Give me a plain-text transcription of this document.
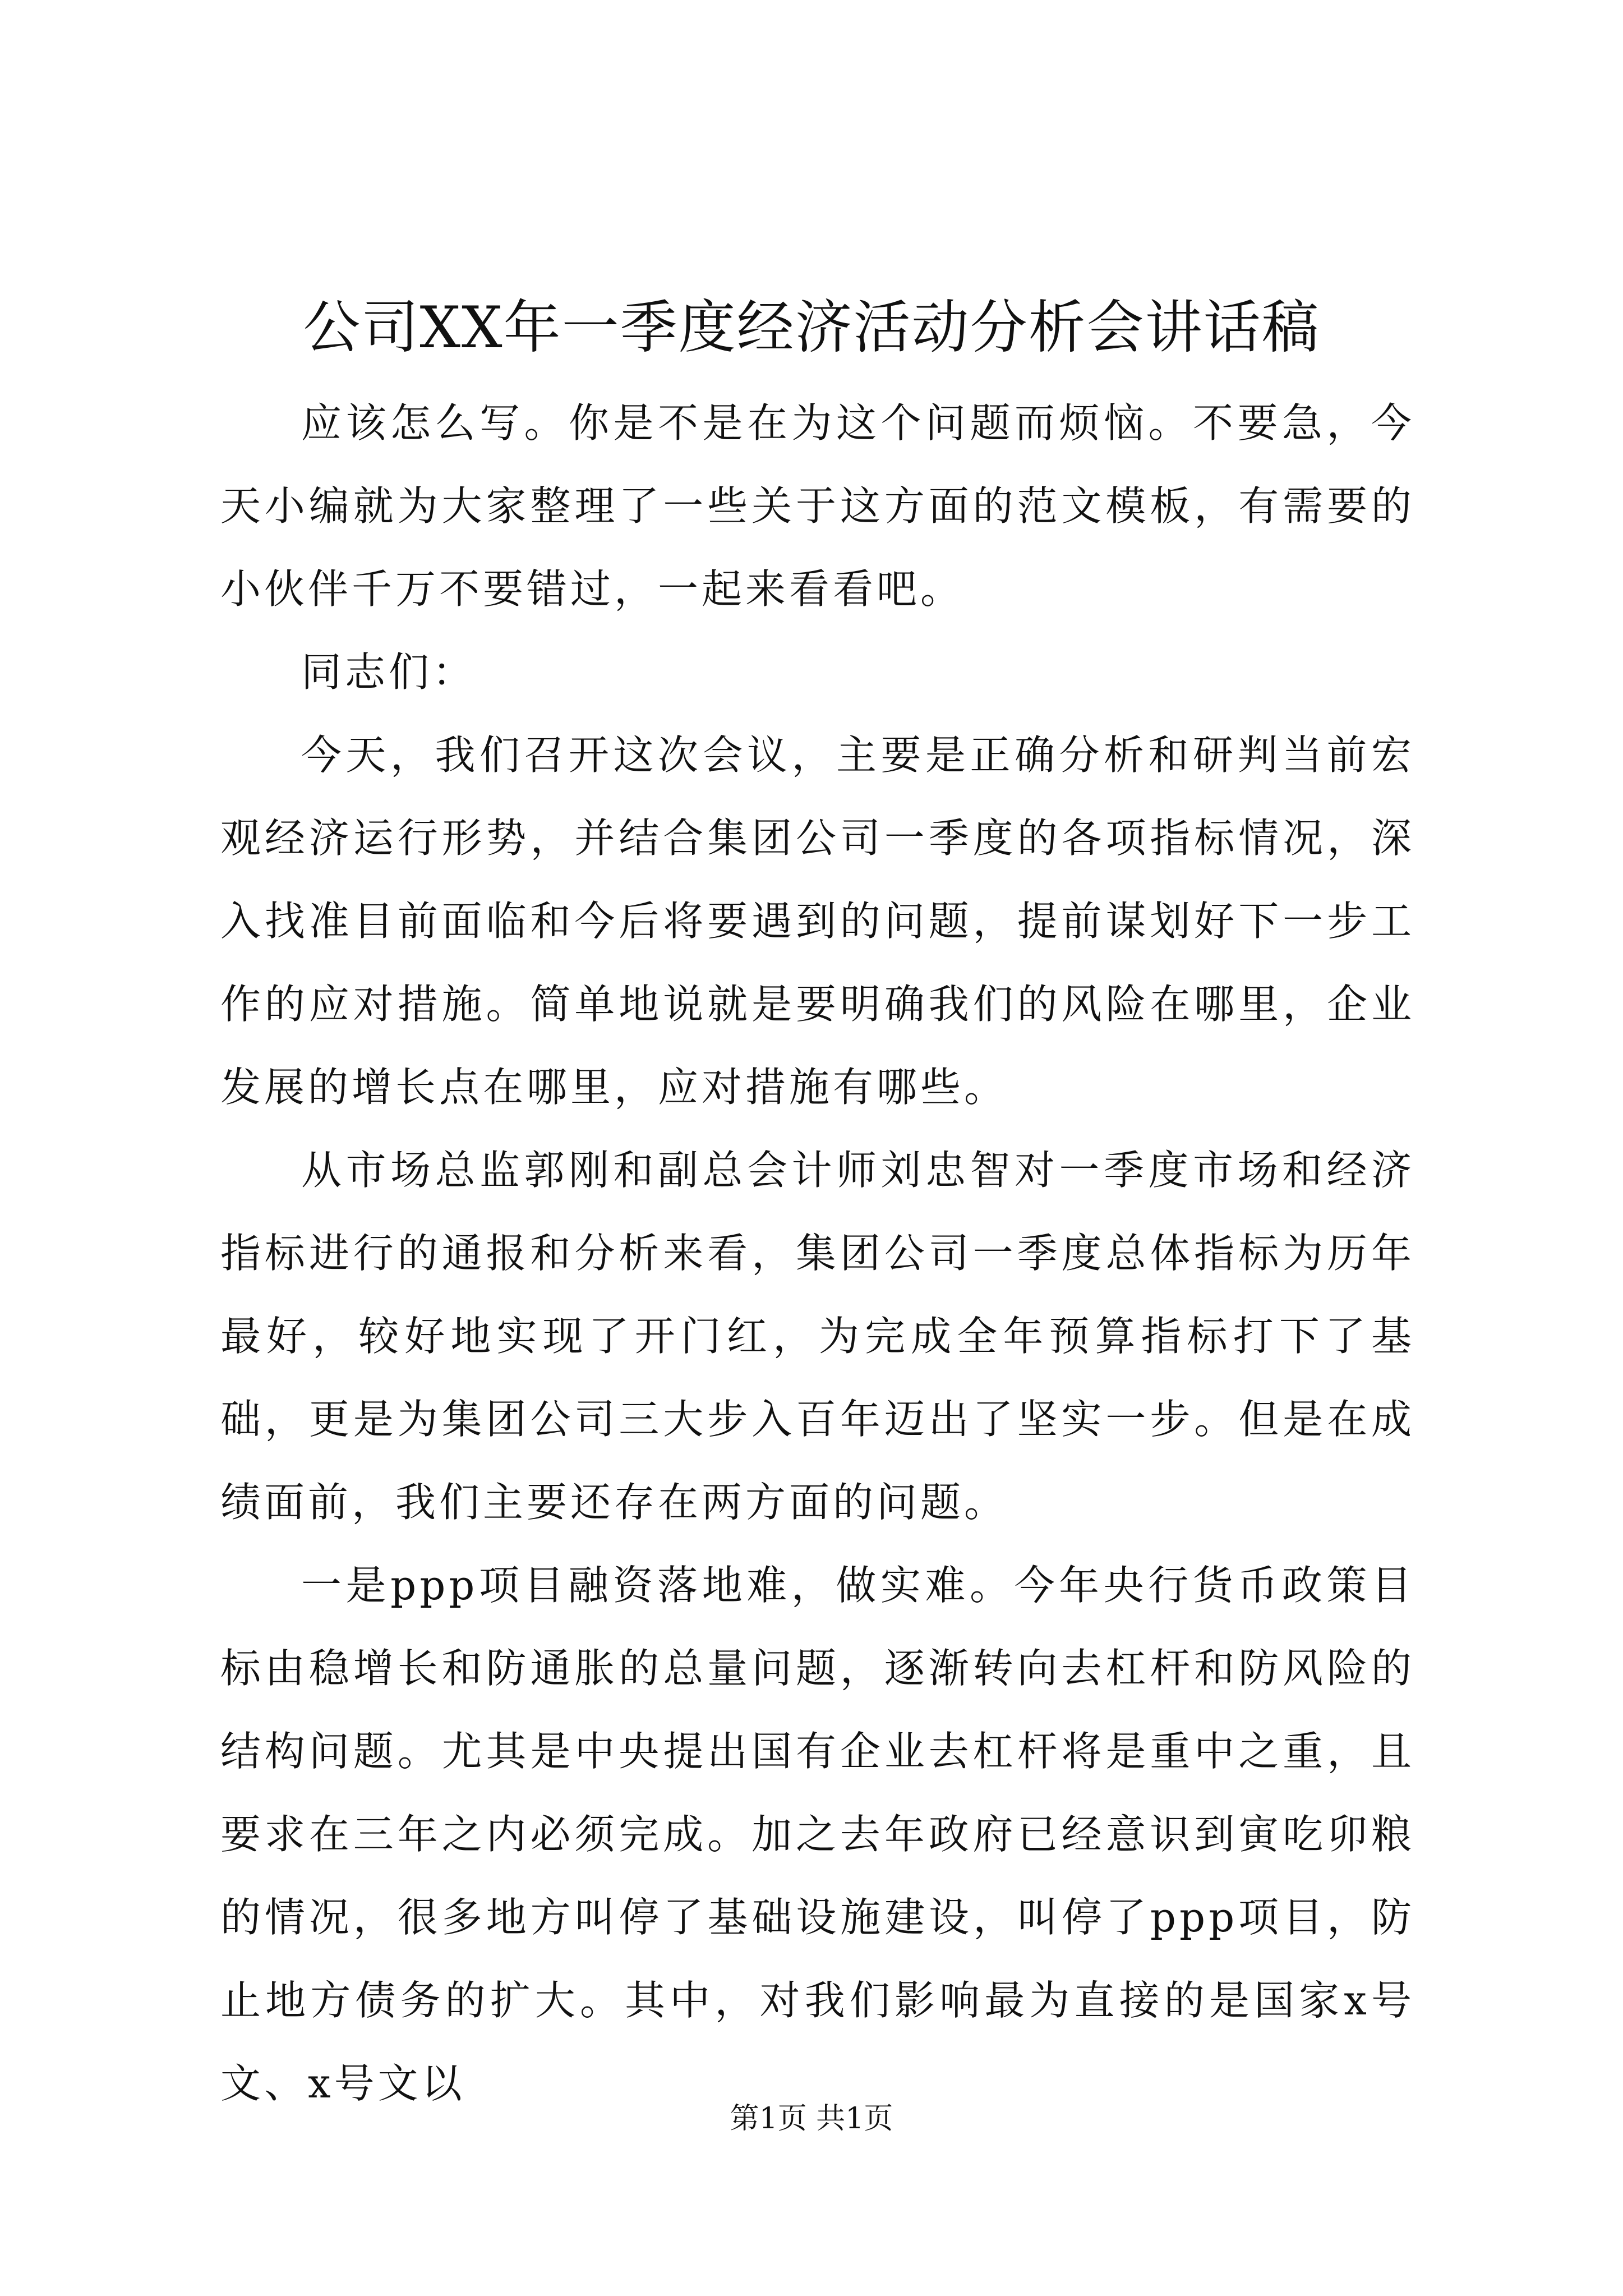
公司XX年一季度经济活动分析会讲话稿

应该怎么写。你是不是在为这个问题而烦恼。不要急，今天小编就为大家整理了一些关于这方面的范文模板，有需要的小伙伴千万不要错过，一起来看看吧。

同志们：

今天，我们召开这次会议，主要是正确分析和研判当前宏观经济运行形势，并结合集团公司一季度的各项指标情况，深入找准目前面临和今后将要遇到的问题，提前谋划好下一步工作的应对措施。简单地说就是要明确我们的风险在哪里，企业发展的增长点在哪里，应对措施有哪些。

从市场总监郭刚和副总会计师刘忠智对一季度市场和经济指标进行的通报和分析来看，集团公司一季度总体指标为历年最好，较好地实现了开门红，为完成全年预算指标打下了基础，更是为集团公司三大步入百年迈出了坚实一步。但是在成绩面前，我们主要还存在两方面的问题。

一是ppp项目融资落地难，做实难。今年央行货币政策目标由稳增长和防通胀的总量问题，逐渐转向去杠杆和防风险的结构问题。尤其是中央提出国有企业去杠杆将是重中之重，且要求在三年之内必须完成。加之去年政府已经意识到寅吃卯粮的情况，很多地方叫停了基础设施建设，叫停了ppp项目，防止地方债务的扩大。其中，对我们影响最为直接的是国家x号文、x号文以

第1页 共1页
